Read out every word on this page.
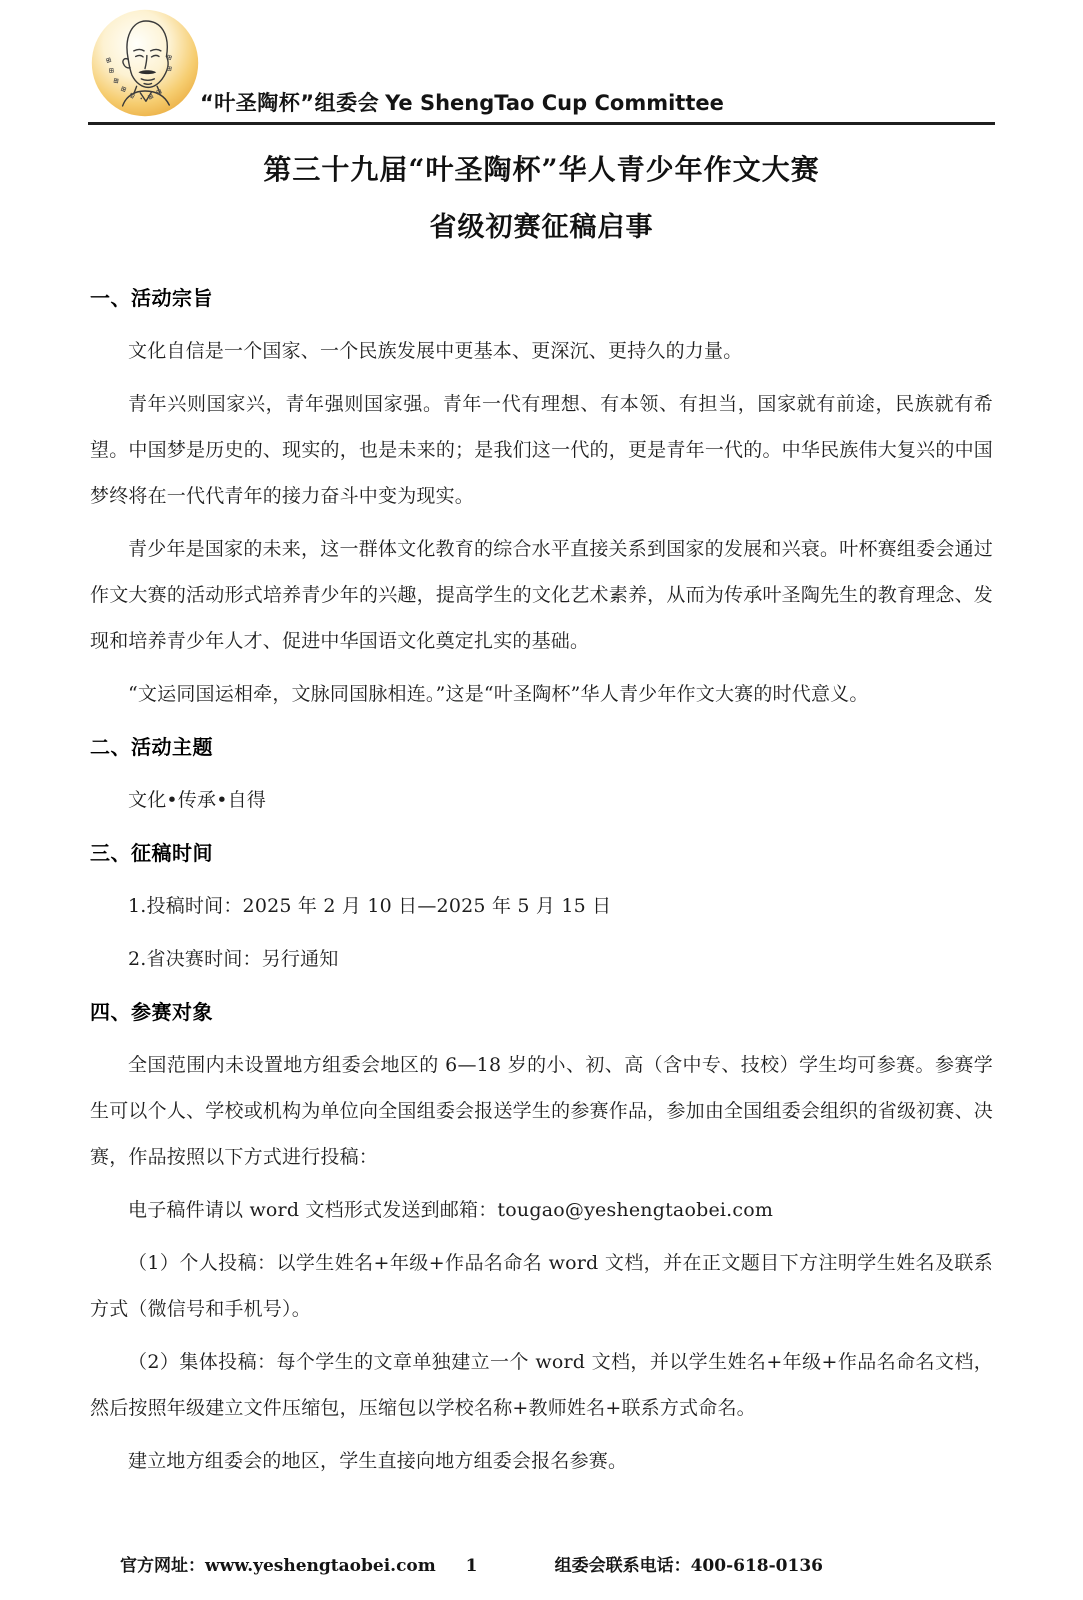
“叶圣陶杯”组委会 Ye ShengTao Cup Committee
第三十九届“叶圣陶杯”华人青少年作文大赛
省级初赛征稿启事
一、活动宗旨

文化自信是一个国家、一个民族发展中更基本、更深沉、更持久的力量。

青年兴则国家兴，青年强则国家强。青年一代有理想、有本领、有担当，国家就有前途，民族就有希望。中国梦是历史的、现实的，也是未来的；是我们这一代的，更是青年一代的。中华民族伟大复兴的中国梦终将在一代代青年的接力奋斗中变为现实。

青少年是国家的未来，这一群体文化教育的综合水平直接关系到国家的发展和兴衰。叶杯赛组委会通过作文大赛的活动形式培养青少年的兴趣，提高学生的文化艺术素养，从而为传承叶圣陶先生的教育理念、发现和培养青少年人才、促进中华国语文化奠定扎实的基础。

“文运同国运相牵，文脉同国脉相连。”这是“叶圣陶杯”华人青少年作文大赛的时代意义。

二、活动主题

文化•传承•自得

三、征稿时间

1.投稿时间：2025 年 2 月 10 日—2025 年 5 月 15 日

2.省决赛时间：另行通知

四、参赛对象

全国范围内未设置地方组委会地区的 6—18 岁的小、初、高（含中专、技校）学生均可参赛。参赛学生可以个人、学校或机构为单位向全国组委会报送学生的参赛作品，参加由全国组委会组织的省级初赛、决赛，作品按照以下方式进行投稿：

电子稿件请以 word 文档形式发送到邮箱：tougao@yeshengtaobei.com

（1）个人投稿：以学生姓名+年级+作品名命名 word 文档，并在正文题目下方注明学生姓名及联系方式（微信号和手机号）。

（2）集体投稿：每个学生的文章单独建立一个 word 文档，并以学生姓名+年级+作品名命名文档，然后按照年级建立文件压缩包，压缩包以学校名称+教师姓名+联系方式命名。

建立地方组委会的地区，学生直接向地方组委会报名参赛。

官方网址：www.yeshengtaobei.com	1	组委会联系电话：400-618-0136
